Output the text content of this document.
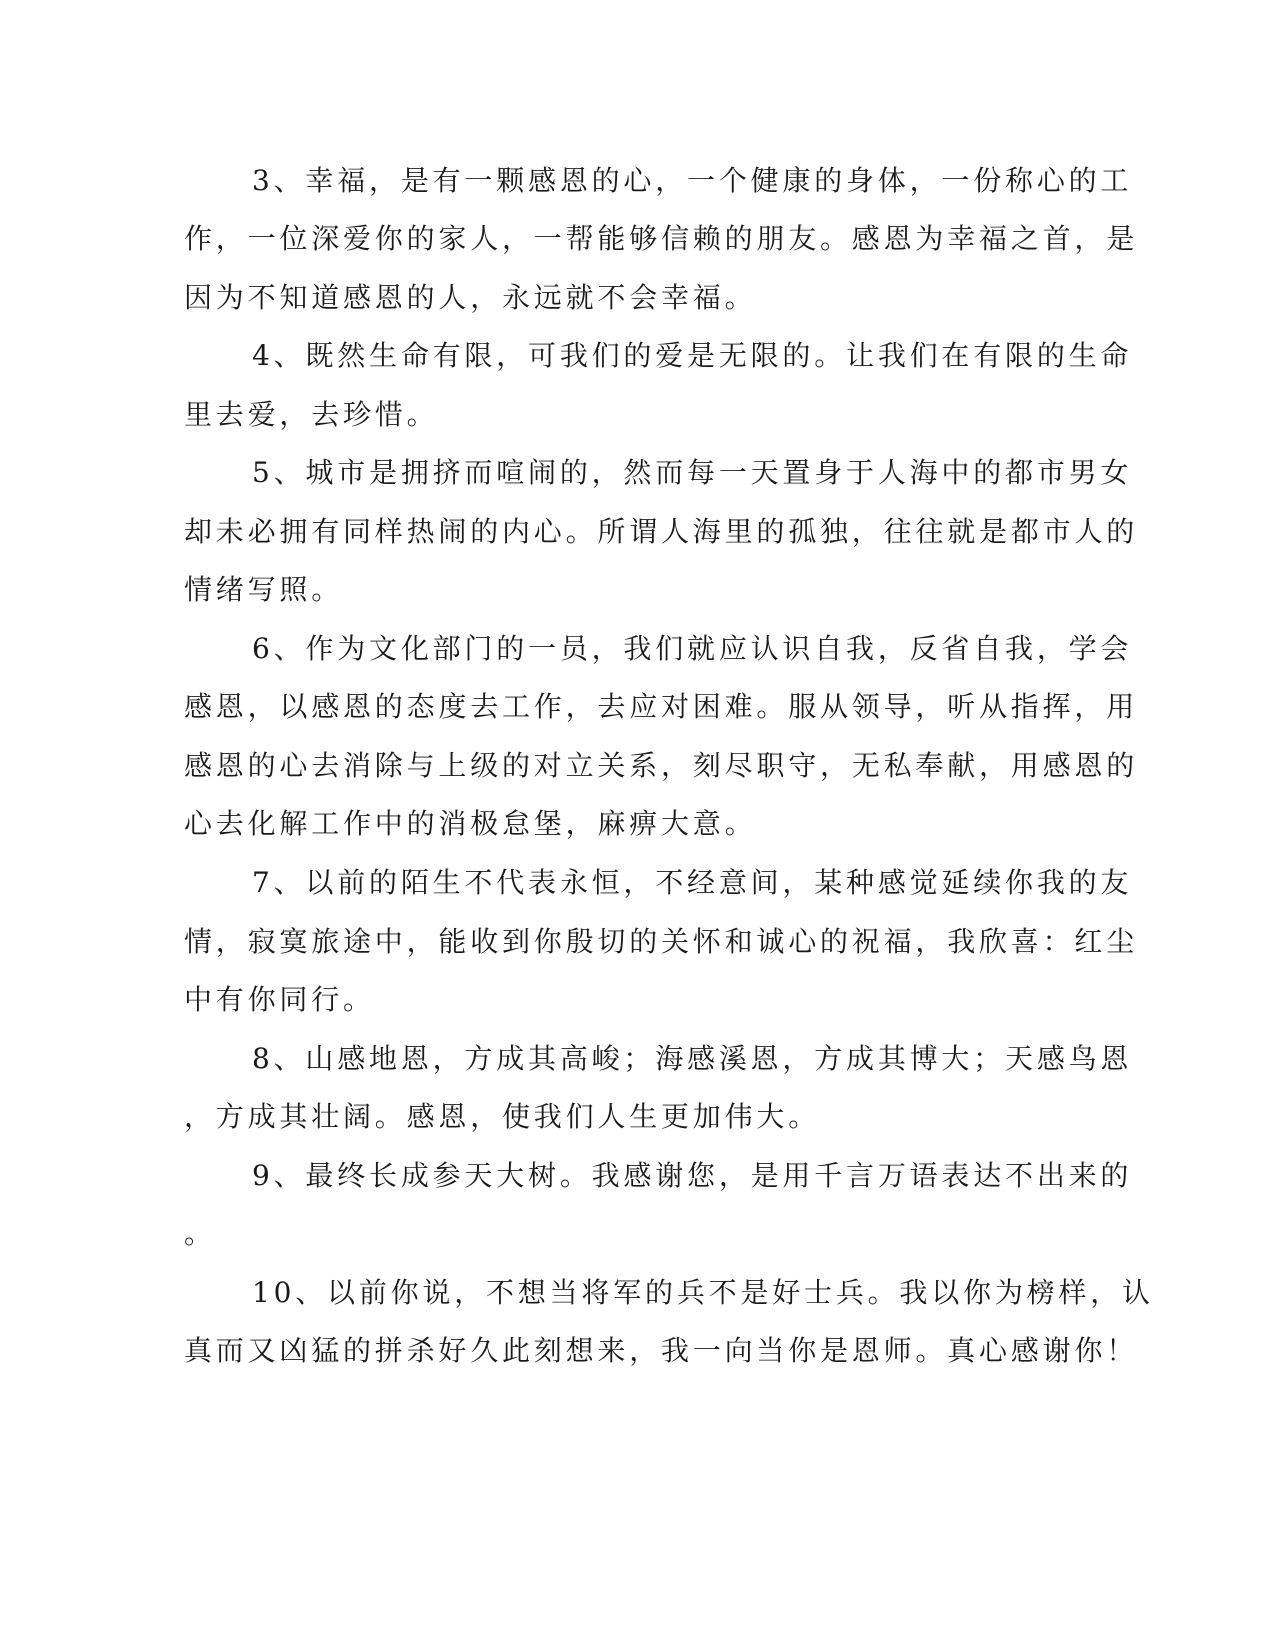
3、幸福，是有一颗感恩的心，一个健康的身体，一份称心的工

作，一位深爱你的家人，一帮能够信赖的朋友。感恩为幸福之首，是

因为不知道感恩的人，永远就不会幸福。

4、既然生命有限，可我们的爱是无限的。让我们在有限的生命

里去爱，去珍惜。

5、城市是拥挤而喧闹的，然而每一天置身于人海中的都市男女

却未必拥有同样热闹的内心。所谓人海里的孤独，往往就是都市人的

情绪写照。

6、作为文化部门的一员，我们就应认识自我，反省自我，学会

感恩，以感恩的态度去工作，去应对困难。服从领导，听从指挥，用

感恩的心去消除与上级的对立关系，刻尽职守，无私奉献，用感恩的

心去化解工作中的消极怠堡，麻痹大意。

7、以前的陌生不代表永恒，不经意间，某种感觉延续你我的友

情，寂寞旅途中，能收到你殷切的关怀和诚心的祝福，我欣喜：红尘

中有你同行。

8、山感地恩，方成其高峻；海感溪恩，方成其博大；天感鸟恩

，方成其壮阔。感恩，使我们人生更加伟大。

9、最终长成参天大树。我感谢您，是用千言万语表达不出来的

。

10、以前你说，不想当将军的兵不是好士兵。我以你为榜样，认

真而又凶猛的拼杀好久此刻想来，我一向当你是恩师。真心感谢你！
